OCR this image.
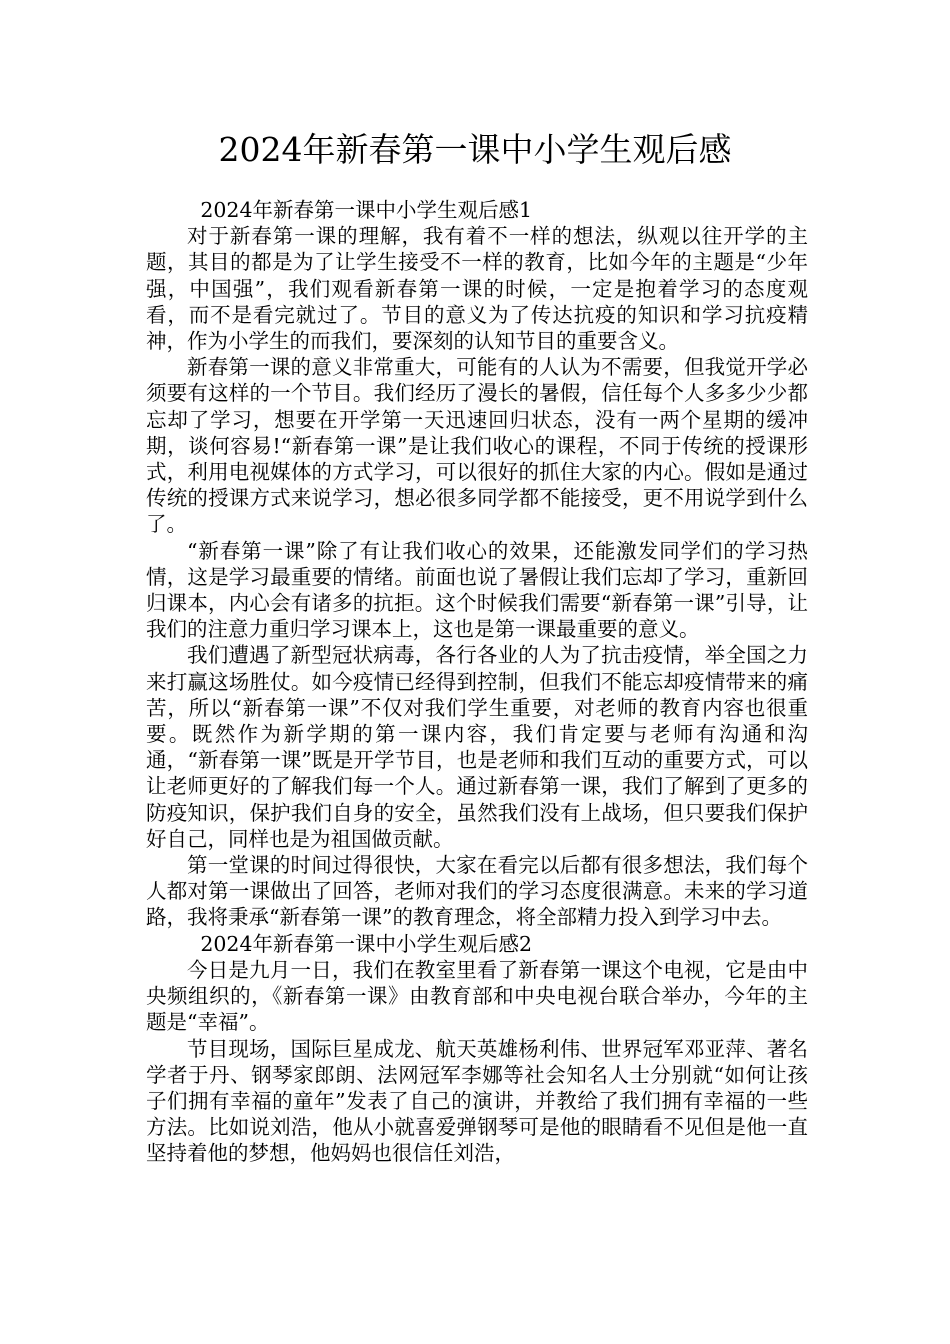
2024年新春第一课中小学生观后感

2024年新春第一课中小学生观后感1

对于新春第一课的理解，我有着不一样的想法，纵观以往开学的主题，其目的都是为了让学生接受不一样的教育，比如今年的主题是“少年强，中国强”，我们观看新春第一课的时候，一定是抱着学习的态度观看，而不是看完就过了。节目的意义为了传达抗疫的知识和学习抗疫精神，作为小学生的而我们，要深刻的认知节目的重要含义。

新春第一课的意义非常重大，可能有的人认为不需要，但我觉开学必须要有这样的一个节目。我们经历了漫长的暑假，信任每个人多多少少都忘却了学习，想要在开学第一天迅速回归状态，没有一两个星期的缓冲期，谈何容易!“新春第一课”是让我们收心的课程，不同于传统的授课形式，利用电视媒体的方式学习，可以很好的抓住大家的内心。假如是通过传统的授课方式来说学习，想必很多同学都不能接受，更不用说学到什么了。

“新春第一课”除了有让我们收心的效果，还能激发同学们的学习热情，这是学习最重要的情绪。前面也说了暑假让我们忘却了学习，重新回归课本，内心会有诸多的抗拒。这个时候我们需要“新春第一课”引导，让我们的注意力重归学习课本上，这也是第一课最重要的意义。

我们遭遇了新型冠状病毒，各行各业的人为了抗击疫情，举全国之力来打赢这场胜仗。如今疫情已经得到控制，但我们不能忘却疫情带来的痛苦，所以“新春第一课”不仅对我们学生重要，对老师的教育内容也很重要。既然作为新学期的第一课内容，我们肯定要与老师有沟通和沟通，“新春第一课”既是开学节目，也是老师和我们互动的重要方式，可以让老师更好的了解我们每一个人。通过新春第一课，我们了解到了更多的防疫知识，保护我们自身的安全，虽然我们没有上战场，但只要我们保护好自己，同样也是为祖国做贡献。

第一堂课的时间过得很快，大家在看完以后都有很多想法，我们每个人都对第一课做出了回答，老师对我们的学习态度很满意。未来的学习道路，我将秉承“新春第一课”的教育理念，将全部精力投入到学习中去。

2024年新春第一课中小学生观后感2

今日是九月一日，我们在教室里看了新春第一课这个电视，它是由中央频组织的，《新春第一课》由教育部和中央电视台联合举办，今年的主题是“幸福”。

节目现场，国际巨星成龙、航天英雄杨利伟、世界冠军邓亚萍、著名学者于丹、钢琴家郎朗、法网冠军李娜等社会知名人士分别就“如何让孩子们拥有幸福的童年”发表了自己的演讲，并教给了我们拥有幸福的一些方法。比如说刘浩，他从小就喜爱弹钢琴可是他的眼睛看不见但是他一直坚持着他的梦想，他妈妈也很信任刘浩，
